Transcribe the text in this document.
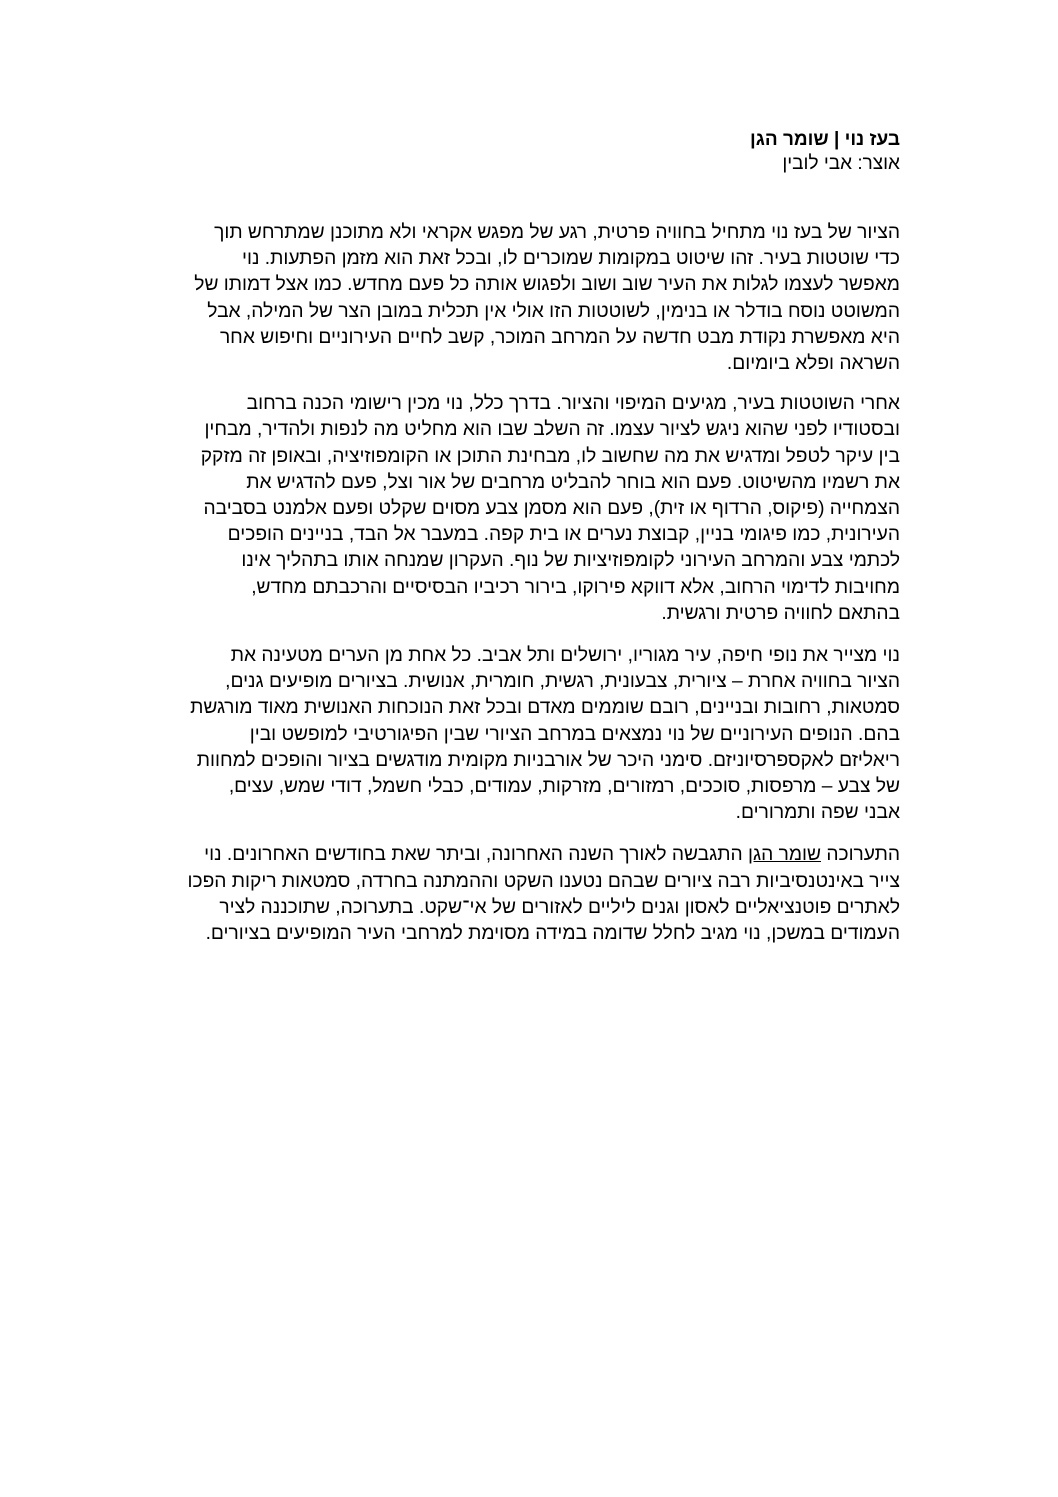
בעז נוי | שומר הגן
אוצר: אבי לובין

הציור של בעז נוי מתחיל בחוויה פרטית, רגע של מפגש אקראי ולא מתוכנן שמתרחש תוך
כדי שוטטות בעיר. זהו שיטוט במקומות שמוכרים לו, ובכל זאת הוא מזמן הפתעות. נוי
מאפשר לעצמו לגלות את העיר שוב ושוב ולפגוש אותה כל פעם מחדש. כמו אצל דמותו של
המשוטט נוסח בודלר או בנימין, לשוטטות הזו אולי אין תכלית במובן הצר של המילה, אבל
היא מאפשרת נקודת מבט חדשה על המרחב המוכר, קשב לחיים העירוניים וחיפוש אחר
השראה ופלא ביומיום.

אחרי השוטטות בעיר, מגיעים המיפוי והציור. בדרך כלל, נוי מכין רישומי הכנה ברחוב
ובסטודיו לפני שהוא ניגש לציור עצמו. זה השלב שבו הוא מחליט מה לנפות ולהדיר, מבחין
בין עיקר לטפל ומדגיש את מה שחשוב לו, מבחינת התוכן או הקומפוזיציה, ובאופן זה מזקק
את רשמיו מהשיטוט. פעם הוא בוחר להבליט מרחבים של אור וצל, פעם להדגיש את
הצמחייה (פיקוס, הרדוף או זית), פעם הוא מסמן צבע מסוים שקלט ופעם אלמנט בסביבה
העירונית, כמו פיגומי בניין, קבוצת נערים או בית קפה. במעבר אל הבד, בניינים הופכים
לכתמי צבע והמרחב העירוני לקומפוזיציות של נוף. העקרון שמנחה אותו בתהליך אינו
מחויבות לדימוי הרחוב, אלא דווקא פירוקו, בירור רכיביו הבסיסיים והרכבתם מחדש,
בהתאם לחוויה פרטית ורגשית.

נוי מצייר את נופי חיפה, עיר מגוריו, ירושלים ותל אביב. כל אחת מן הערים מטעינה את
הציור בחוויה אחרת – ציורית, צבעונית, רגשית, חומרית, אנושית. בציורים מופיעים גנים,
סמטאות, רחובות ובניינים, רובם שוממים מאדם ובכל זאת הנוכחות האנושית מאוד מורגשת
בהם. הנופים העירוניים של נוי נמצאים במרחב הציורי שבין הפיגורטיבי למופשט ובין
ריאליזם לאקספרסיוניזם. סימני היכר של אורבניות מקומית מודגשים בציור והופכים למחוות
של צבע – מרפסות, סוככים, רמזורים, מזרקות, עמודים, כבלי חשמל, דודי שמש, עצים,
אבני שפה ותמרורים.

התערוכה שומר הגן התגבשה לאורך השנה האחרונה, וביתר שאת בחודשים האחרונים. נוי
צייר באינטנסיביות רבה ציורים שבהם נטענו השקט וההמתנה בחרדה, סמטאות ריקות הפכו
לאתרים פוטנציאליים לאסון וגנים ליליים לאזורים של אי־שקט. בתערוכה, שתוכננה לציר
העמודים במשכן, נוי מגיב לחלל שדומה במידה מסוימת למרחבי העיר המופיעים בציורים.
